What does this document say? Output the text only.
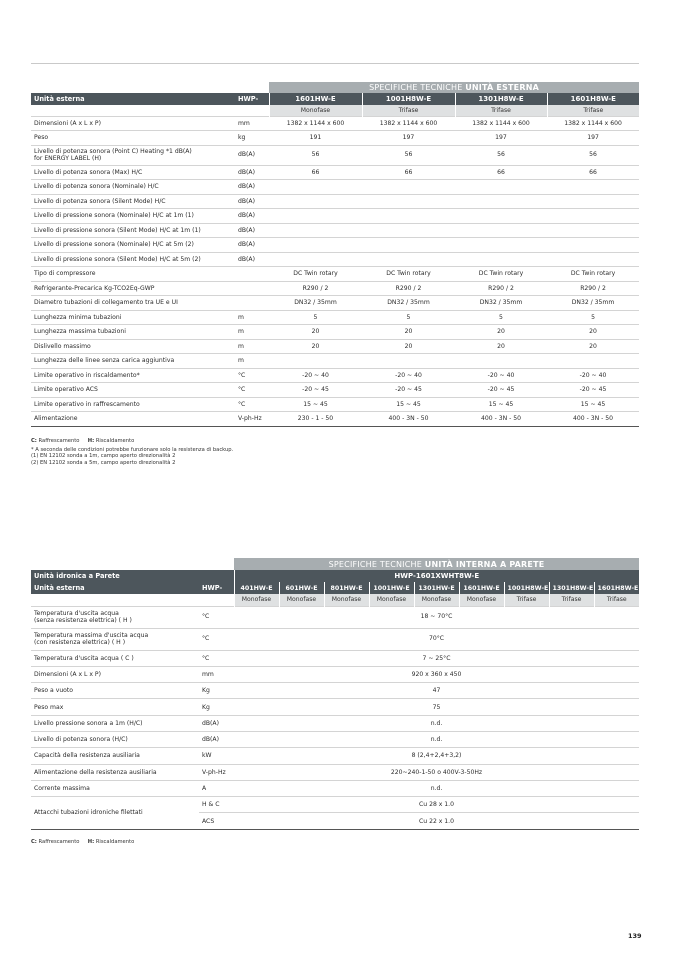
		SPECIFICHE TECNICHE UNITÀ ESTERNA			
Unità esterna	HWP-	1601HW-E	1001H8W-E	1301H8W-E	1601H8W-E
		Monofase	Trifase	Trifase	Trifase
Dimensioni (A x L x P)	mm	1382 x 1144 x 600	1382 x 1144 x 600	1382 x 1144 x 600	1382 x 1144 x 600
Peso	kg	191	197	197	197
Livello di potenza sonora (Point C) Heating *1 dB(A)
for ENERGY LABEL (H)	dB(A)	56	56	56	56
Livello di potenza sonora (Max) H/C	dB(A)	66	66	66	66
Livello di potenza sonora (Nominale) H/C	dB(A)				
Livello di potenza sonora (Silent Mode) H/C	dB(A)				
Livello di pressione sonora (Nominale) H/C at 1m (1)	dB(A)				
Livello di pressione sonora (Silent Mode) H/C at 1m (1)	dB(A)				
Livello di pressione sonora (Nominale) H/C at 5m (2)	dB(A)				
Livello di pressione sonora (Silent Mode) H/C at 5m (2)	dB(A)				
Tipo di compressore		DC Twin rotary	DC Twin rotary	DC Twin rotary	DC Twin rotary
Refrigerante-Precarica Kg-TCO2Eq-GWP		R290 / 2	R290 / 2	R290 / 2	R290 / 2
Diametro tubazioni di collegamento tra UE e UI		DN32 / 35mm	DN32 / 35mm	DN32 / 35mm	DN32 / 35mm
Lunghezza minima tubazioni	m	5	5	5	5
Lunghezza massima tubazioni	m	20	20	20	20
Dislivello massimo	m	20	20	20	20
Lunghezza delle linee senza carica aggiuntiva	m				
Limite operativo in riscaldamento*	°C	-20 ~ 40	-20 ~ 40	-20 ~ 40	-20 ~ 40
Limite operativo ACS	°C	-20 ~ 45	-20 ~ 45	-20 ~ 45	-20 ~ 45
Limite operativo in raffrescamento	°C	15 ~ 45	15 ~ 45	15 ~ 45	15 ~ 45
Alimentazione	V-ph-Hz	230 - 1 - 50	400 - 3N - 50	400 - 3N - 50	400 - 3N - 50
C: Raffrescamento H: Riscaldamento
* A seconda delle condizioni potrebbe funzionare solo la resistenza di backup.
(1) EN 12102 sonda a 1m, campo aperto direzionalità 2
(2) EN 12102 sonda a 5m, campo aperto direzionalità 2
		SPECIFICHE TECNICHE UNITÀ INTERNA A PARETE								
Unità idronica a Parete		HWP-1601XWHT8W-E								
Unità esterna	HWP-	401HW-E	601HW-E	801HW-E	1001HW-E	1301HW-E	1601HW-E	1001H8W-E	1301H8W-E	1601H8W-E
		Monofase	Monofase	Monofase	Monofase	Monofase	Monofase	Trifase	Trifase	Trifase
Temperatura d'uscita acqua
(senza resistenza elettrica) ( H )	°C	18 ~ 70°C								
Temperatura massima d'uscita acqua
(con resistenza elettrica) ( H )	°C	70°C								
Temperatura d'uscita acqua ( C )	°C	7 ~ 25°C								
Dimensioni (A x L x P)	mm	920 x 360 x 450								
Peso a vuoto	Kg	47								
Peso max	Kg	75								
Livello pressione sonora a 1m (H/C)	dB(A)	n.d.								
Livello di potenza sonora (H/C)	dB(A)	n.d.								
Capacità della resistenza ausiliaria	kW	8 (2,4+2,4+3,2)								
Alimentazione della resistenza ausiliaria	V-ph-Hz	220~240-1-50 o 400V-3-50Hz								
Corrente massima	A	n.d.								
Attacchi tubazioni idroniche filettati	H & C	Cu 28 x 1.0								
	ACS	Cu 22 x 1.0								
C: Raffrescamento H: Riscaldamento
139
